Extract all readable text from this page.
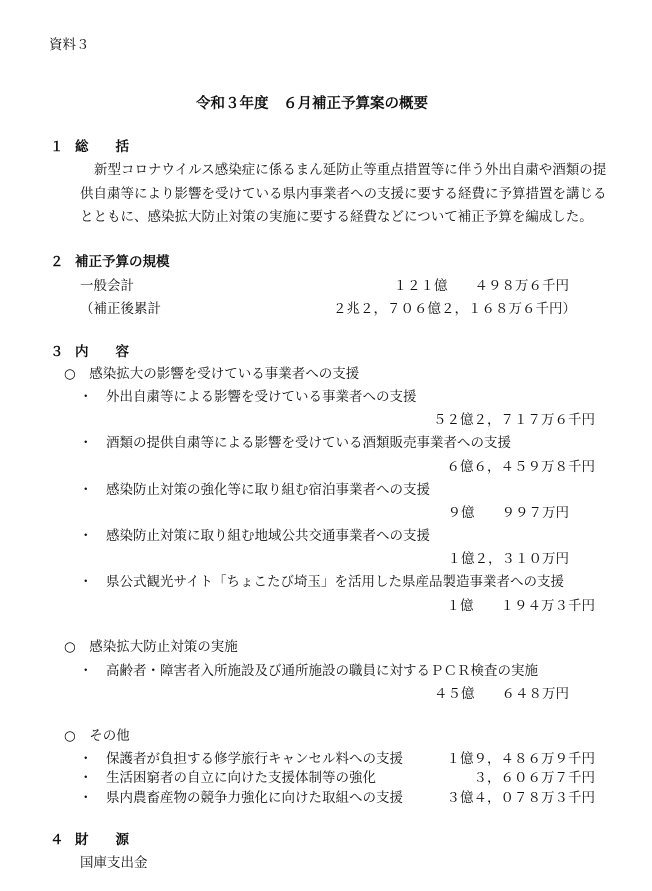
資料３
令和３年度　６月補正予算案の概要
１ 総　　括
新型コロナウイルス感染症に係るまん延防止等重点措置等に伴う外出自粛や酒類の提
供自粛等により影響を受けている県内事業者への支援に要する経費に予算措置を講じる
とともに、感染拡大防止対策の実施に要する経費などについて補正予算を編成した。
２ 補正予算の規模
一般会計	１２１億　　４９８万６千円
（補正後累計	２兆２，７０６億２，１６８万６千円）
３ 内　　容
○　感染拡大の影響を受けている事業者への支援
・　外出自粛等による影響を受けている事業者への支援
５２億２，７１７万６千円
・　酒類の提供自粛等による影響を受けている酒類販売事業者への支援
６億６，４５９万８千円
・　感染防止対策の強化等に取り組む宿泊事業者への支援
９億　　９９７万円
・　感染防止対策に取り組む地域公共交通事業者への支援
１億２，３１０万円
・　県公式観光サイト「ちょこたび埼玉」を活用した県産品製造事業者への支援
１億　　１９４万３千円
○　感染拡大防止対策の実施
・　高齢者・障害者入所施設及び通所施設の職員に対するＰＣＲ検査の実施
４５億　　６４８万円
○　その他
・　保護者が負担する修学旅行キャンセル料への支援	１億９，４８６万９千円
・　生活困窮者の自立に向けた支援体制等の強化	３，６０６万７千円
・　県内農畜産物の競争力強化に向けた取組への支援	３億４，０７８万３千円
４ 財　　源
国庫支出金
